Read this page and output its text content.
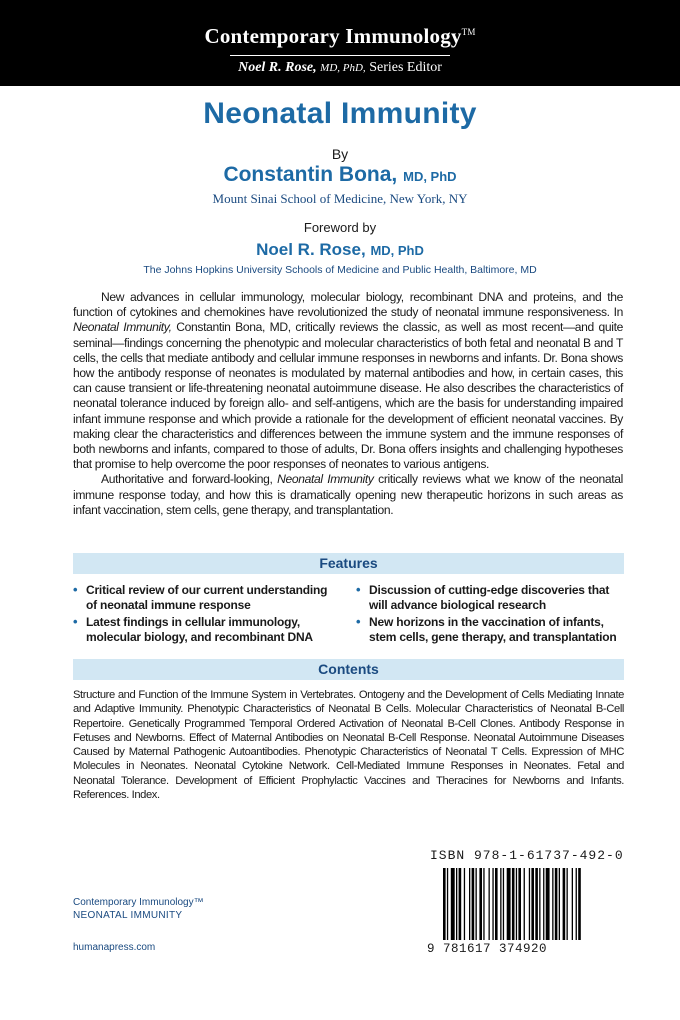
Contemporary Immunology™
Noel R. Rose, MD, PhD, Series Editor
Neonatal Immunity
By
Constantin Bona, MD, PhD
Mount Sinai School of Medicine, New York, NY
Foreword by
Noel R. Rose, MD, PhD
The Johns Hopkins University Schools of Medicine and Public Health, Baltimore, MD

New advances in cellular immunology, molecular biology, recombinant DNA and proteins, and the function of cytokines and chemokines have revolutionized the study of neonatal immune responsiveness. In Neonatal Immunity, Constantin Bona, MD, critically reviews the classic, as well as most recent—and quite seminal—findings concerning the phenotypic and molecular characteristics of both fetal and neonatal B and T cells, the cells that mediate antibody and cellular immune responses in newborns and infants. Dr. Bona shows how the antibody response of neonates is modulated by maternal antibodies and how, in certain cases, this can cause transient or life-threatening neonatal autoimmune disease. He also describes the characteristics of neonatal tolerance induced by foreign allo- and self-antigens, which are the basis for understanding impaired infant immune response and which provide a rationale for the development of efficient neonatal vaccines. By making clear the characteristics and differences between the immune system and the immune responses of both newborns and infants, compared to those of adults, Dr. Bona offers insights and challenging hypotheses that promise to help overcome the poor responses of neonates to various antigens.

Authoritative and forward-looking, Neonatal Immunity critically reviews what we know of the neonatal immune response today, and how this is dramatically opening new therapeutic horizons in such areas as infant vaccination, stem cells, gene therapy, and transplantation.

Features
• Critical review of our current understanding of neonatal immune response
• Latest findings in cellular immunology, molecular biology, and recombinant DNA
• Discussion of cutting-edge discoveries that will advance biological research
• New horizons in the vaccination of infants, stem cells, gene therapy, and transplantation
Contents

Structure and Function of the Immune System in Vertebrates. Ontogeny and the Development of Cells Mediating Innate and Adaptive Immunity. Phenotypic Characteristics of Neonatal B Cells. Molecular Characteristics of Neonatal B-Cell Repertoire. Genetically Programmed Temporal Ordered Activation of Neonatal B-Cell Clones. Antibody Response in Fetuses and Newborns. Effect of Maternal Antibodies on Neonatal B-Cell Response. Neonatal Autoimmune Diseases Caused by Maternal Pathogenic Autoantibodies. Phenotypic Characteristics of Neonatal T Cells. Expression of MHC Molecules in Neonates. Neonatal Cytokine Network. Cell-Mediated Immune Responses in Neonates. Fetal and Neonatal Tolerance. Development of Efficient Prophylactic Vaccines and Theracines for Newborns and Infants. References. Index.

ISBN 978-1-61737-492-0
9 781617 374920
Contemporary Immunology™
NEONATAL IMMUNITY
humanapress.com
